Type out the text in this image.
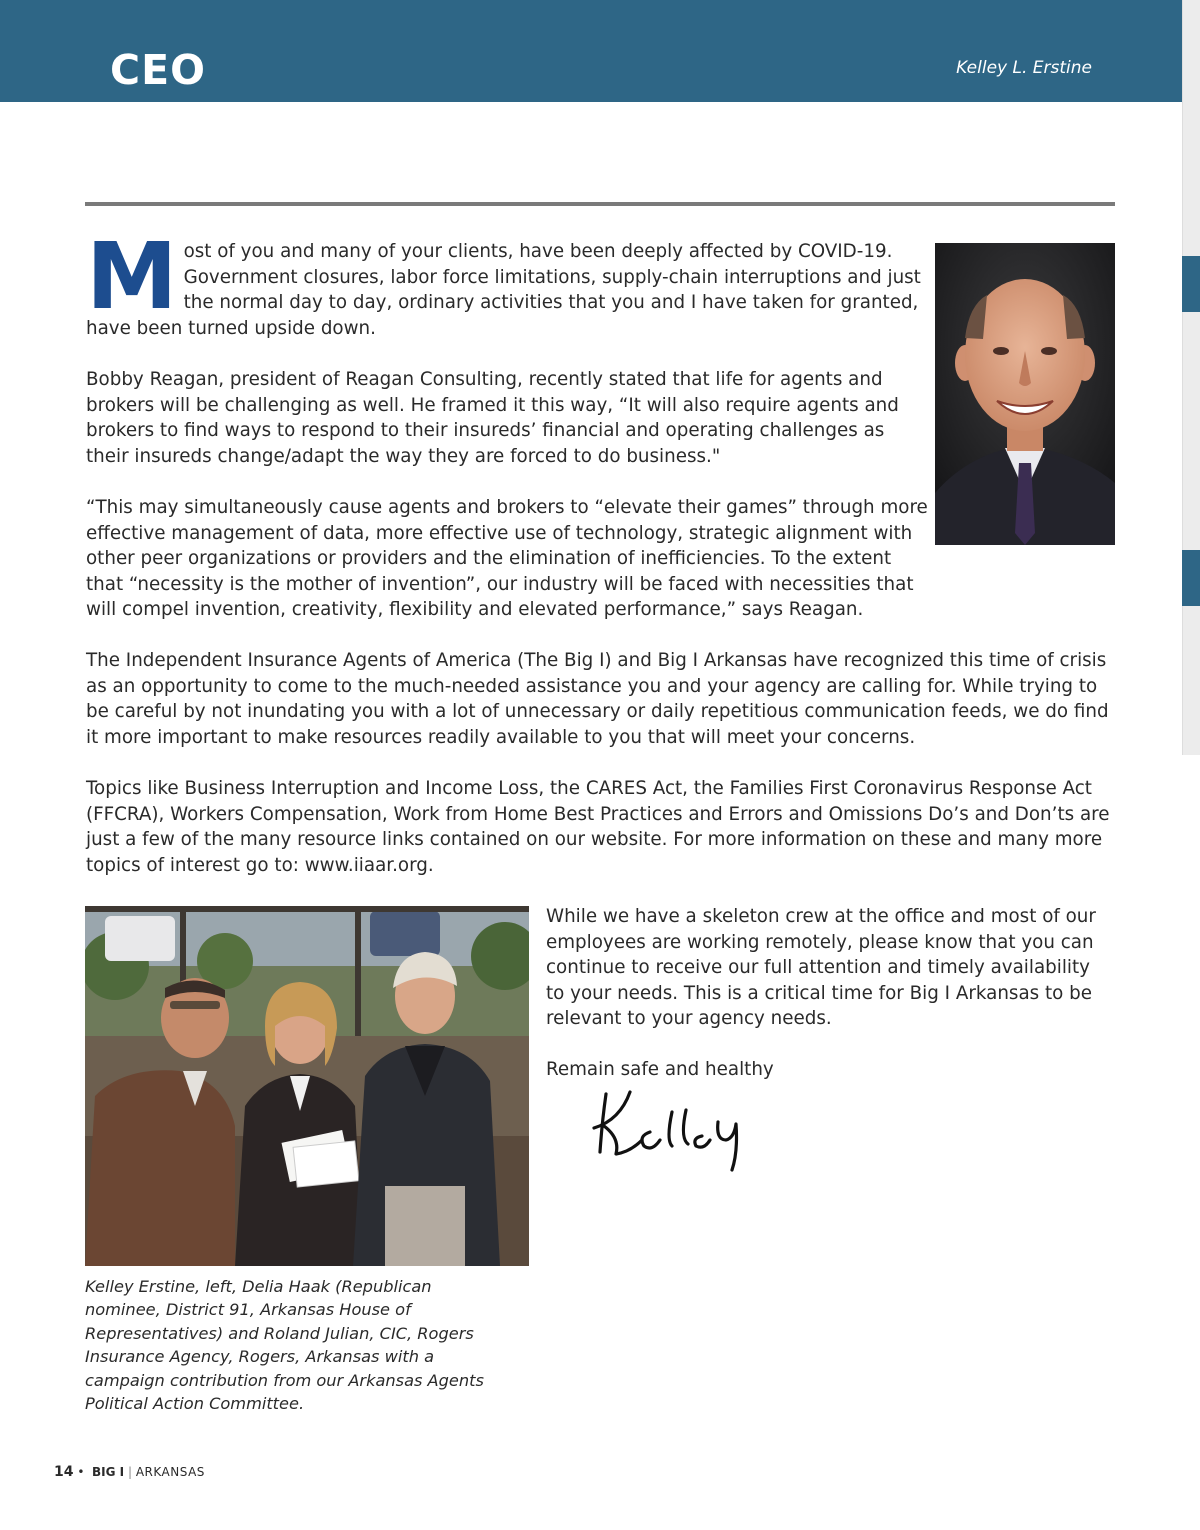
CEO	Kelley L. Erstine

Most of you and many of your clients, have been deeply affected by COVID-19. Government closures, labor force limitations, supply-chain interruptions and just the normal day to day, ordinary activities that you and I have taken for granted, have been turned upside down.

Bobby Reagan, president of Reagan Consulting, recently stated that life for agents and brokers will be challenging as well. He framed it this way, “It will also require agents and brokers to find ways to respond to their insureds’ financial and operating challenges as their insureds change/adapt the way they are forced to do business."

“This may simultaneously cause agents and brokers to “elevate their games” through more effective management of data, more effective use of technology, strategic alignment with other peer organizations or providers and the elimination of inefficiencies. To the extent that “necessity is the mother of invention”, our industry will be faced with necessities that will compel invention, creativity, flexibility and elevated performance,” says Reagan.

The Independent Insurance Agents of America (The Big I) and Big I Arkansas have recognized this time of crisis as an opportunity to come to the much-needed assistance you and your agency are calling for. While trying to be careful by not inundating you with a lot of unnecessary or daily repetitious communication feeds, we do find it more important to make resources readily available to you that will meet your concerns.

Topics like Business Interruption and Income Loss, the CARES Act, the Families First Coronavirus Response Act (FFCRA), Workers Compensation, Work from Home Best Practices and Errors and Omissions Do’s and Don’ts are just a few of the many resource links contained on our website. For more information on these and many more topics of interest go to: www.iiaar.org.

Kelley Erstine, left, Delia Haak (Republican nominee, District 91, Arkansas House of Representatives) and Roland Julian, CIC, Rogers Insurance Agency, Rogers, Arkansas with a campaign contribution from our Arkansas Agents Political Action Committee.

While we have a skeleton crew at the office and most of our employees are working remotely, please know that you can continue to receive our full attention and timely availability to your needs. This is a critical time for Big I Arkansas to be relevant to your agency needs.

Remain safe and healthy

14 • BIG I | ARKANSAS
